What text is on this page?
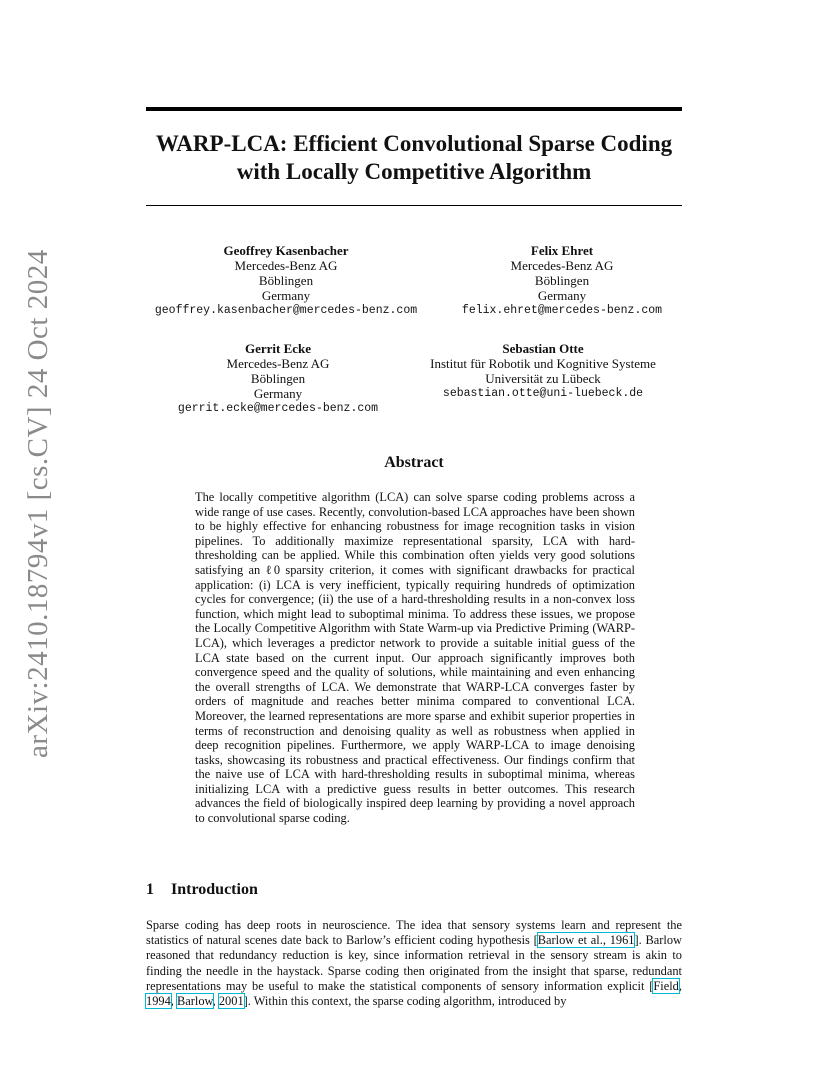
arXiv:2410.18794v1 [cs.CV] 24 Oct 2024
WARP-LCA: Efficient Convolutional Sparse Coding
with Locally Competitive Algorithm
Geoffrey Kasenbacher
Mercedes-Benz AG
Böblingen
Germany
geoffrey.kasenbacher@mercedes-benz.com
Felix Ehret
Mercedes-Benz AG
Böblingen
Germany
felix.ehret@mercedes-benz.com
Gerrit Ecke
Mercedes-Benz AG
Böblingen
Germany
gerrit.ecke@mercedes-benz.com
Sebastian Otte
Institut für Robotik und Kognitive Systeme
Universität zu Lübeck
sebastian.otte@uni-luebeck.de
Abstract
The locally competitive algorithm (LCA) can solve sparse coding problems across a wide range of use cases. Recently, convolution-based LCA approaches have been shown to be highly effective for enhancing robustness for image recognition tasks in vision pipelines. To additionally maximize representational sparsity, LCA with hard-thresholding can be applied. While this combination often yields very good solutions satisfying an ℓ0 sparsity criterion, it comes with significant drawbacks for practical application: (i) LCA is very inefficient, typically requiring hundreds of optimization cycles for convergence; (ii) the use of a hard-thresholding results in a non-convex loss function, which might lead to suboptimal minima. To address these issues, we propose the Locally Competitive Algorithm with State Warm-up via Predictive Priming (WARP-LCA), which leverages a predictor network to provide a suitable initial guess of the LCA state based on the current input. Our approach significantly improves both convergence speed and the quality of solutions, while maintaining and even enhancing the overall strengths of LCA. We demonstrate that WARP-LCA converges faster by orders of magnitude and reaches better minima compared to conventional LCA. Moreover, the learned representations are more sparse and exhibit superior properties in terms of reconstruction and denoising quality as well as robustness when applied in deep recognition pipelines. Furthermore, we apply WARP-LCA to image denoising tasks, showcasing its robustness and practical effectiveness. Our findings confirm that the naive use of LCA with hard-thresholding results in suboptimal minima, whereas initializing LCA with a predictive guess results in better outcomes. This research advances the field of biologically inspired deep learning by providing a novel approach to convolutional sparse coding.
1 Introduction
Sparse coding has deep roots in neuroscience. The idea that sensory systems learn and represent the statistics of natural scenes date back to Barlow’s efficient coding hypothesis [Barlow et al., 1961]. Barlow reasoned that redundancy reduction is key, since information retrieval in the sensory stream is akin to finding the needle in the haystack. Sparse coding then originated from the insight that sparse, redundant representations may be useful to make the statistical components of sensory information explicit [Field, 1994, Barlow, 2001]. Within this context, the sparse coding algorithm, introduced by
